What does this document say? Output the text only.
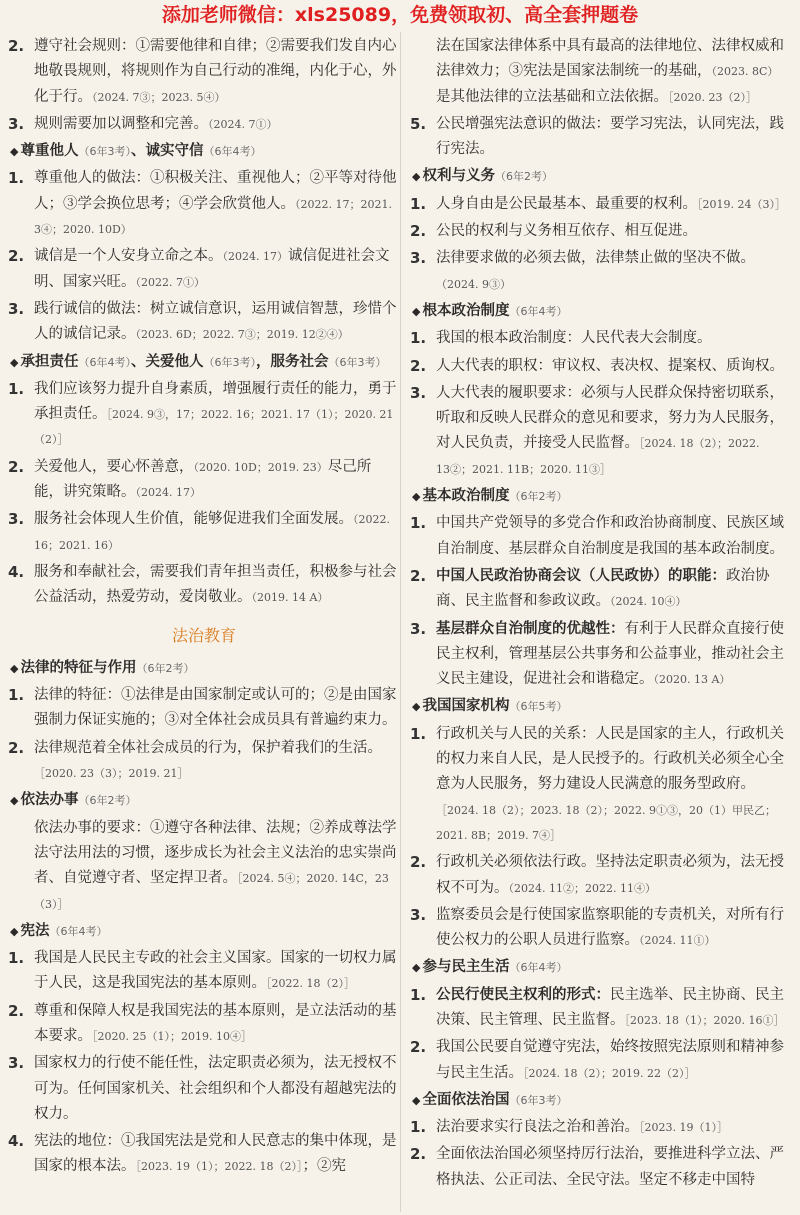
添加老师微信：xls25089，免费领取初、高全套押题卷
2. 遵守社会规则：①需要他律和自律；②需要我们发自内心地敬畏规则，将规则作为自己行动的准绳，内化于心，外化于行。（2024. 7③；2023. 5④）
3. 规则需要加以调整和完善。（2024. 7①）
◆ 尊重他人（6年3考）、诚实守信（6年4考）
1. 尊重他人的做法：①积极关注、重视他人；②平等对待他人；③学会换位思考；④学会欣赏他人。（2022. 17；2021. 3④；2020. 10D）
2. 诚信是一个人安身立命之本。（2024. 17）诚信促进社会文明、国家兴旺。（2022. 7①）
3. 践行诚信的做法：树立诚信意识，运用诚信智慧，珍惜个人的诚信记录。（2023. 6D；2022. 7③；2019. 12②④）
◆ 承担责任（6年4考）、关爱他人（6年3考），服务社会（6年3考）
1. 我们应该努力提升自身素质，增强履行责任的能力，勇于承担责任。［2024. 9③，17；2022. 16；2021. 17（1）；2020. 21（2）］
2. 关爱他人，要心怀善意，（2020. 10D；2019. 23）尽己所能，讲究策略。（2024. 17）
3. 服务社会体现人生价值，能够促进我们全面发展。（2022. 16；2021. 16）
4. 服务和奉献社会，需要我们青年担当责任，积极参与社会公益活动，热爱劳动，爱岗敬业。（2019. 14 A）
法治教育
◆ 法律的特征与作用（6年2考）
1. 法律的特征：①法律是由国家制定或认可的；②是由国家强制力保证实施的；③对全体社会成员具有普遍约束力。
2. 法律规范着全体社会成员的行为，保护着我们的生活。［2020. 23（3）；2019. 21］
◆ 依法办事（6年2考）
依法办事的要求：①遵守各种法律、法规；②养成尊法学法守法用法的习惯，逐步成长为社会主义法治的忠实崇尚者、自觉遵守者、坚定捍卫者。［2024. 5④；2020. 14C，23（3）］
◆ 宪法（6年4考）
1. 我国是人民民主专政的社会主义国家。国家的一切权力属于人民，这是我国宪法的基本原则。［2022. 18（2）］
2. 尊重和保障人权是我国宪法的基本原则，是立法活动的基本要求。［2020. 25（1）；2019. 10④］
3. 国家权力的行使不能任性，法定职责必须为，法无授权不可为。任何国家机关、社会组织和个人都没有超越宪法的权力。
4. 宪法的地位：①我国宪法是党和人民意志的集中体现，是国家的根本法。［2023. 19（1）；2022. 18（2）］；②宪
法在国家法律体系中具有最高的法律地位、法律权威和法律效力；③宪法是国家法制统一的基础，（2023. 8C）是其他法律的立法基础和立法依据。［2020. 23（2）］
5. 公民增强宪法意识的做法：要学习宪法，认同宪法，践行宪法。
◆ 权利与义务（6年2考）
1. 人身自由是公民最基本、最重要的权利。［2019. 24（3）］
2. 公民的权利与义务相互依存、相互促进。
3. 法律要求做的必须去做，法律禁止做的坚决不做。（2024. 9③）
◆ 根本政治制度（6年4考）
1. 我国的根本政治制度：人民代表大会制度。
2. 人大代表的职权：审议权、表决权、提案权、质询权。
3. 人大代表的履职要求：必须与人民群众保持密切联系，听取和反映人民群众的意见和要求，努力为人民服务，对人民负责，并接受人民监督。［2024. 18（2）；2022. 13②；2021. 11B；2020. 11③］
◆ 基本政治制度（6年2考）
1. 中国共产党领导的多党合作和政治协商制度、民族区域自治制度、基层群众自治制度是我国的基本政治制度。
2. 中国人民政治协商会议（人民政协）的职能：政治协商、民主监督和参政议政。（2024. 10④）
3. 基层群众自治制度的优越性：有利于人民群众直接行使民主权利，管理基层公共事务和公益事业，推动社会主义民主建设，促进社会和谐稳定。（2020. 13 A）
◆ 我国国家机构（6年5考）
1. 行政机关与人民的关系：人民是国家的主人，行政机关的权力来自人民，是人民授予的。行政机关必须全心全意为人民服务，努力建设人民满意的服务型政府。［2024. 18（2）；2023. 18（2）；2022. 9①③，20（1）甲民乙；2021. 8B；2019. 7④］
2. 行政机关必须依法行政。坚持法定职责必须为，法无授权不可为。（2024. 11②；2022. 11④）
3. 监察委员会是行使国家监察职能的专责机关，对所有行使公权力的公职人员进行监察。（2024. 11①）
◆ 参与民主生活（6年4考）
1. 公民行使民主权利的形式：民主选举、民主协商、民主决策、民主管理、民主监督。［2023. 18（1）；2020. 16①］
2. 我国公民要自觉遵守宪法，始终按照宪法原则和精神参与民主生活。［2024. 18（2）；2019. 22（2）］
◆ 全面依法治国（6年3考）
1. 法治要求实行良法之治和善治。［2023. 19（1）］
2. 全面依法治国必须坚持厉行法治，要推进科学立法、严格执法、公正司法、全民守法。坚定不移走中国特
